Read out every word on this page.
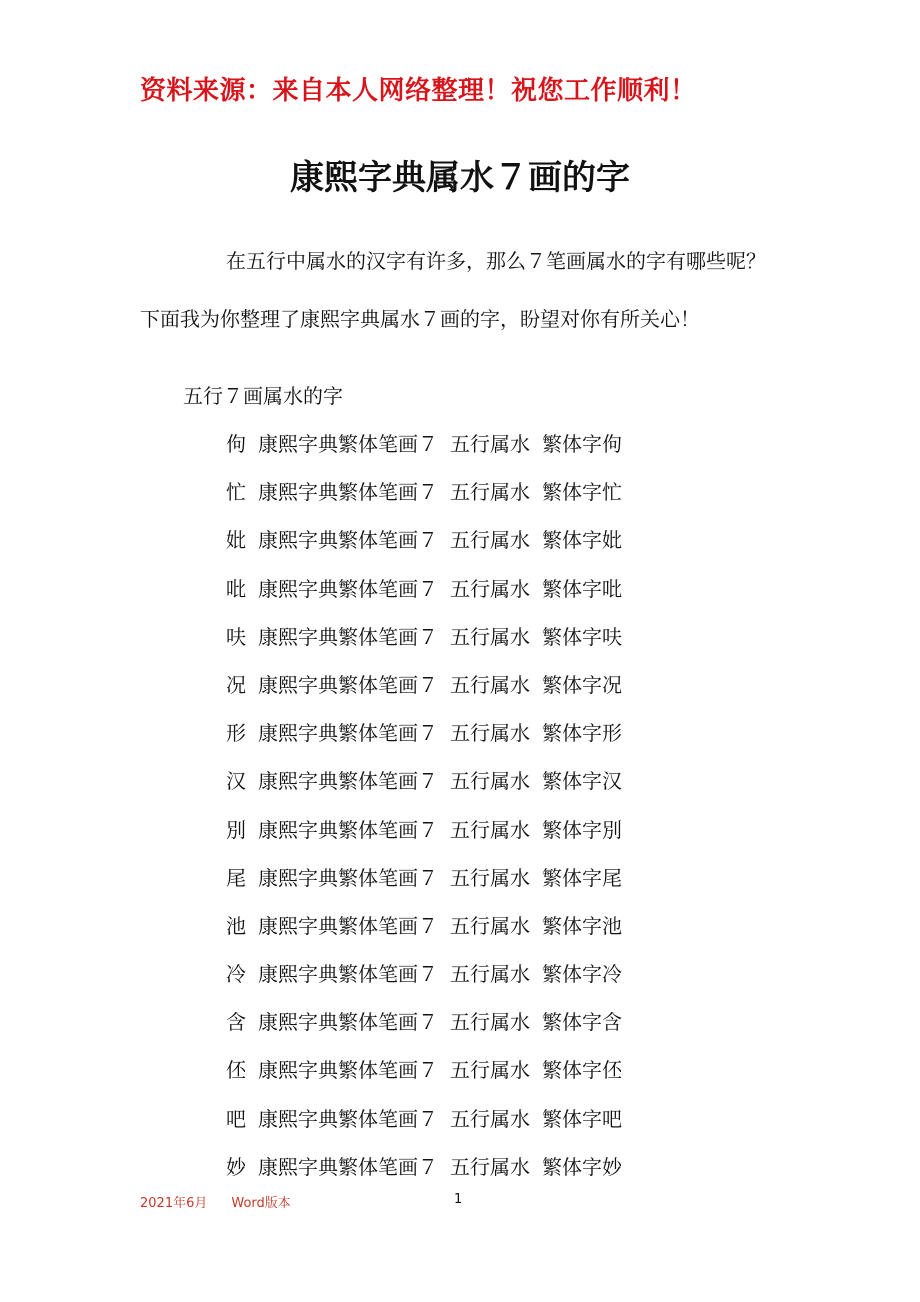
资料来源：来自本人网络整理！祝您工作顺利！
康熙字典属水７画的字

在五行中属水的汉字有许多，那么７笔画属水的字有哪些呢？

下面我为你整理了康熙字典属水７画的字，盼望对你有所关心！

五行７画属水的字
佝 康熙字典繁体笔画７ 五行属水 繁体字佝
忙 康熙字典繁体笔画７ 五行属水 繁体字忙
妣 康熙字典繁体笔画７ 五行属水 繁体字妣
吡 康熙字典繁体笔画７ 五行属水 繁体字吡
呋 康熙字典繁体笔画７ 五行属水 繁体字呋
况 康熙字典繁体笔画７ 五行属水 繁体字况
形 康熙字典繁体笔画７ 五行属水 繁体字形
汉 康熙字典繁体笔画７ 五行属水 繁体字汉
別 康熙字典繁体笔画７ 五行属水 繁体字別
尾 康熙字典繁体笔画７ 五行属水 繁体字尾
池 康熙字典繁体笔画７ 五行属水 繁体字池
冷 康熙字典繁体笔画７ 五行属水 繁体字冷
含 康熙字典繁体笔画７ 五行属水 繁体字含
伾 康熙字典繁体笔画７ 五行属水 繁体字伾
吧 康熙字典繁体笔画７ 五行属水 繁体字吧
妙 康熙字典繁体笔画７ 五行属水 繁体字妙
2021年6月 Word版本	1
